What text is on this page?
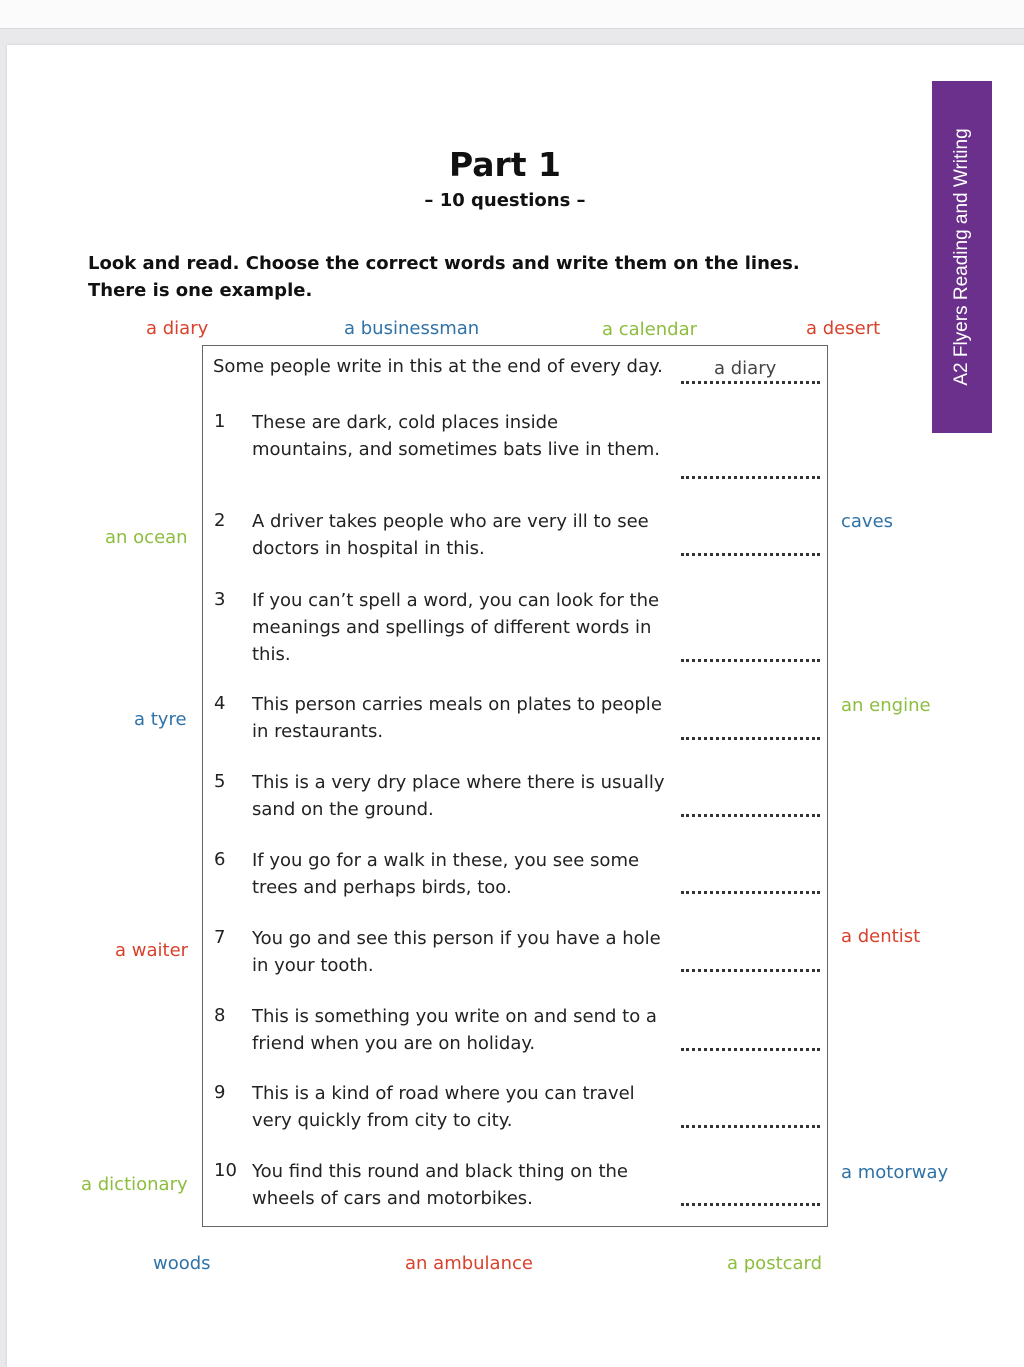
A2 Flyers Reading and Writing
Part 1
– 10 questions –
Look and read. Choose the correct words and write them on the lines.
There is one example.
a diary	a businessman	a calendar	a desert
an ocean
a tyre
a waiter
a dictionary
caves
an engine
a dentist
a motorway
woods	an ambulance	a postcard
Some people write in this at the end of every day.	a diary
1 These are dark, cold places inside
mountains, and sometimes bats live in them.
2 A driver takes people who are very ill to see
doctors in hospital in this.
3 If you can’t spell a word, you can look for the
meanings and spellings of different words in
this.
4 This person carries meals on plates to people
in restaurants.
5 This is a very dry place where there is usually
sand on the ground.
6 If you go for a walk in these, you see some
trees and perhaps birds, too.
7 You go and see this person if you have a hole
in your tooth.
8 This is something you write on and send to a
friend when you are on holiday.
9 This is a kind of road where you can travel
very quickly from city to city.
10 You find this round and black thing on the
wheels of cars and motorbikes.
